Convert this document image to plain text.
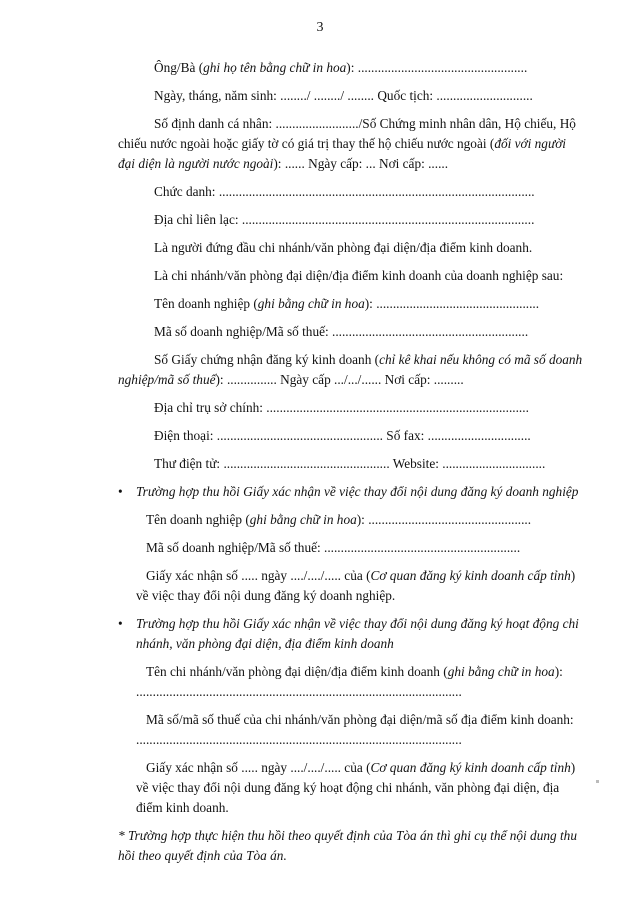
3
Ông/Bà (ghi họ tên bằng chữ in hoa): ...................................................
Ngày, tháng, năm sinh: ......../ ......../ ........ Quốc tịch: .............................
Số định danh cá nhân: ........................./Số Chứng minh nhân dân, Hộ chiếu, Hộ chiếu nước ngoài hoặc giấy tờ có giá trị thay thế hộ chiếu nước ngoài (đối với người đại diện là người nước ngoài): ...... Ngày cấp: ... Nơi cấp: ......
Chức danh: ...............................................................................................
Địa chỉ liên lạc: ........................................................................................
Là người đứng đầu chi nhánh/văn phòng đại diện/địa điểm kinh doanh.
Là chi nhánh/văn phòng đại diện/địa điểm kinh doanh của doanh nghiệp sau:
Tên doanh nghiệp (ghi bằng chữ in hoa): .................................................
Mã số doanh nghiệp/Mã số thuế: ...........................................................
Số Giấy chứng nhận đăng ký kinh doanh (chỉ kê khai nếu không có mã số doanh nghiệp/mã số thuế): ............... Ngày cấp .../.../...... Nơi cấp: .........
Địa chỉ trụ sở chính: ...............................................................................
Điện thoại: .................................................. Số fax: ...............................
Thư điện tử: .................................................. Website: ...............................
• Trường hợp thu hồi Giấy xác nhận về việc thay đổi nội dung đăng ký doanh nghiệp
Tên doanh nghiệp (ghi bằng chữ in hoa): .................................................
Mã số doanh nghiệp/Mã số thuế: ...........................................................
Giấy xác nhận số ..... ngày ..../..../..... của (Cơ quan đăng ký kinh doanh cấp tỉnh) về việc thay đổi nội dung đăng ký doanh nghiệp.
• Trường hợp thu hồi Giấy xác nhận về việc thay đổi nội dung đăng ký hoạt động chi nhánh, văn phòng đại diện, địa điểm kinh doanh
Tên chi nhánh/văn phòng đại diện/địa điểm kinh doanh (ghi bằng chữ in hoa): ..................................................................................................
Mã số/mã số thuế của chi nhánh/văn phòng đại diện/mã số địa điểm kinh doanh: ..................................................................................................
Giấy xác nhận số ..... ngày ..../..../..... của (Cơ quan đăng ký kinh doanh cấp tỉnh) về việc thay đổi nội dung đăng ký hoạt động chi nhánh, văn phòng đại diện, địa điểm kinh doanh.
* Trường hợp thực hiện thu hồi theo quyết định của Tòa án thì ghi cụ thể nội dung thu hồi theo quyết định của Tòa án.
